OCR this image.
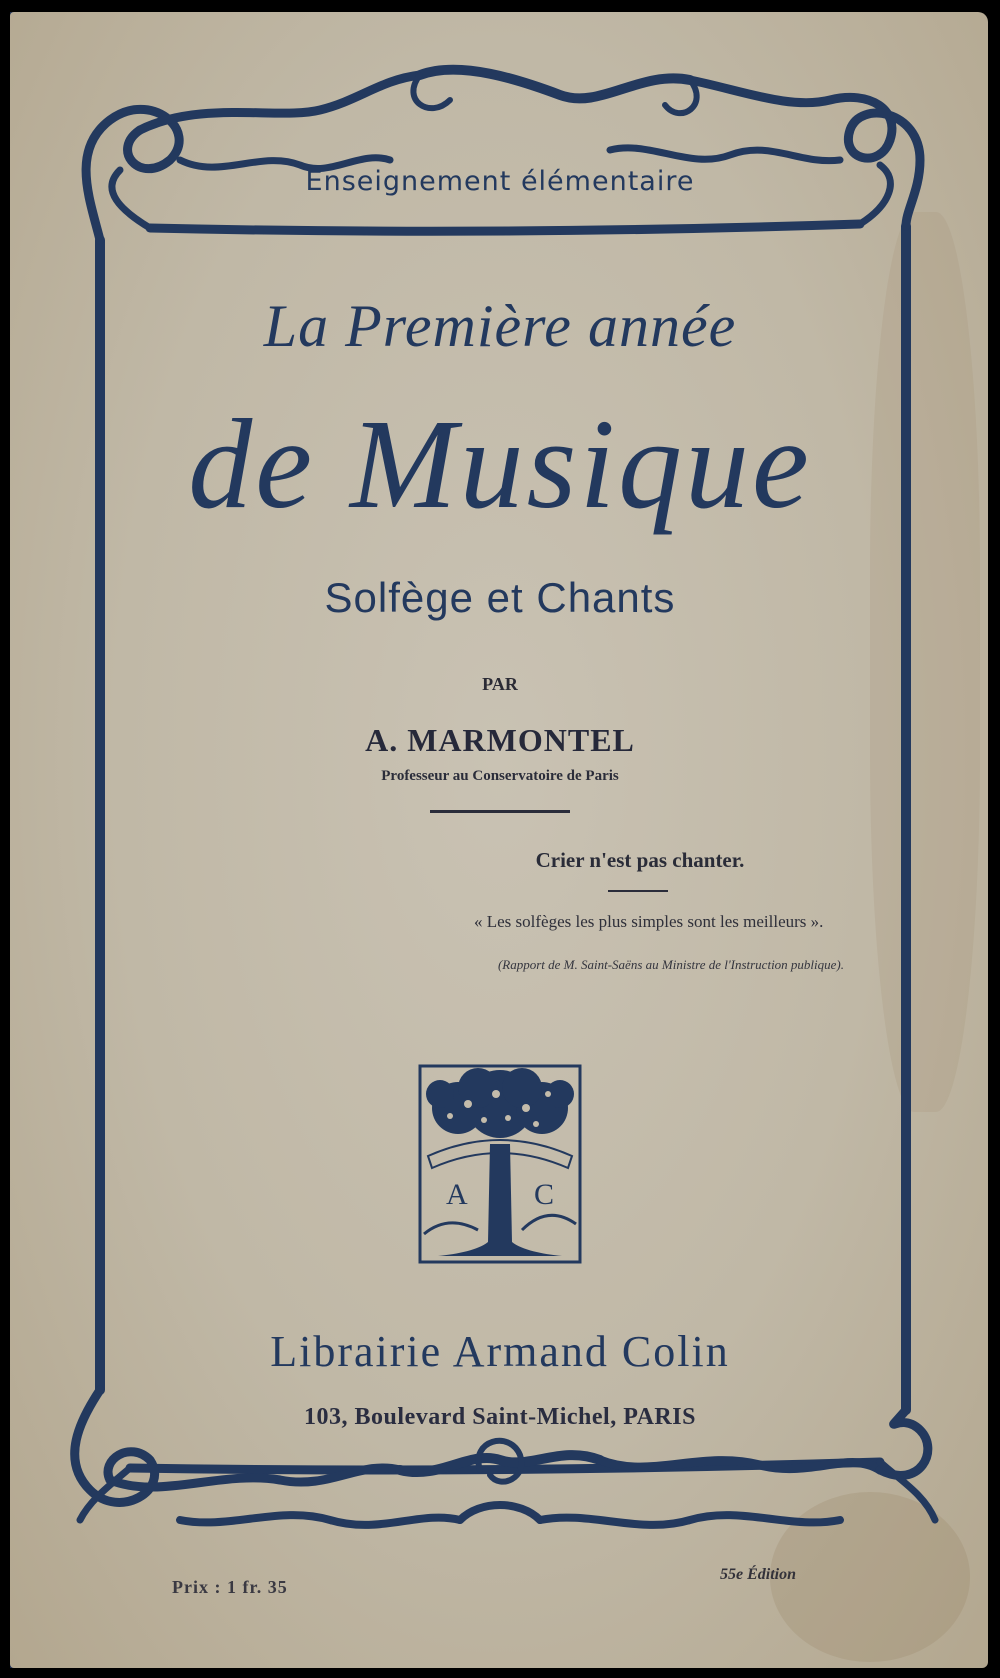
Enseignement élémentaire
La Première année
de Musique
Solfège et Chants
PAR
A. MARMONTEL
Professeur au Conservatoire de Paris
Crier n'est pas chanter.
« Les solfèges les plus simples sont les meilleurs ».
(Rapport de M. Saint-Saëns au Ministre de l'Instruction publique).
A C
Librairie Armand Colin
103, Boulevard Saint-Michel, PARIS
Prix : 1 fr. 35
55e Édition
